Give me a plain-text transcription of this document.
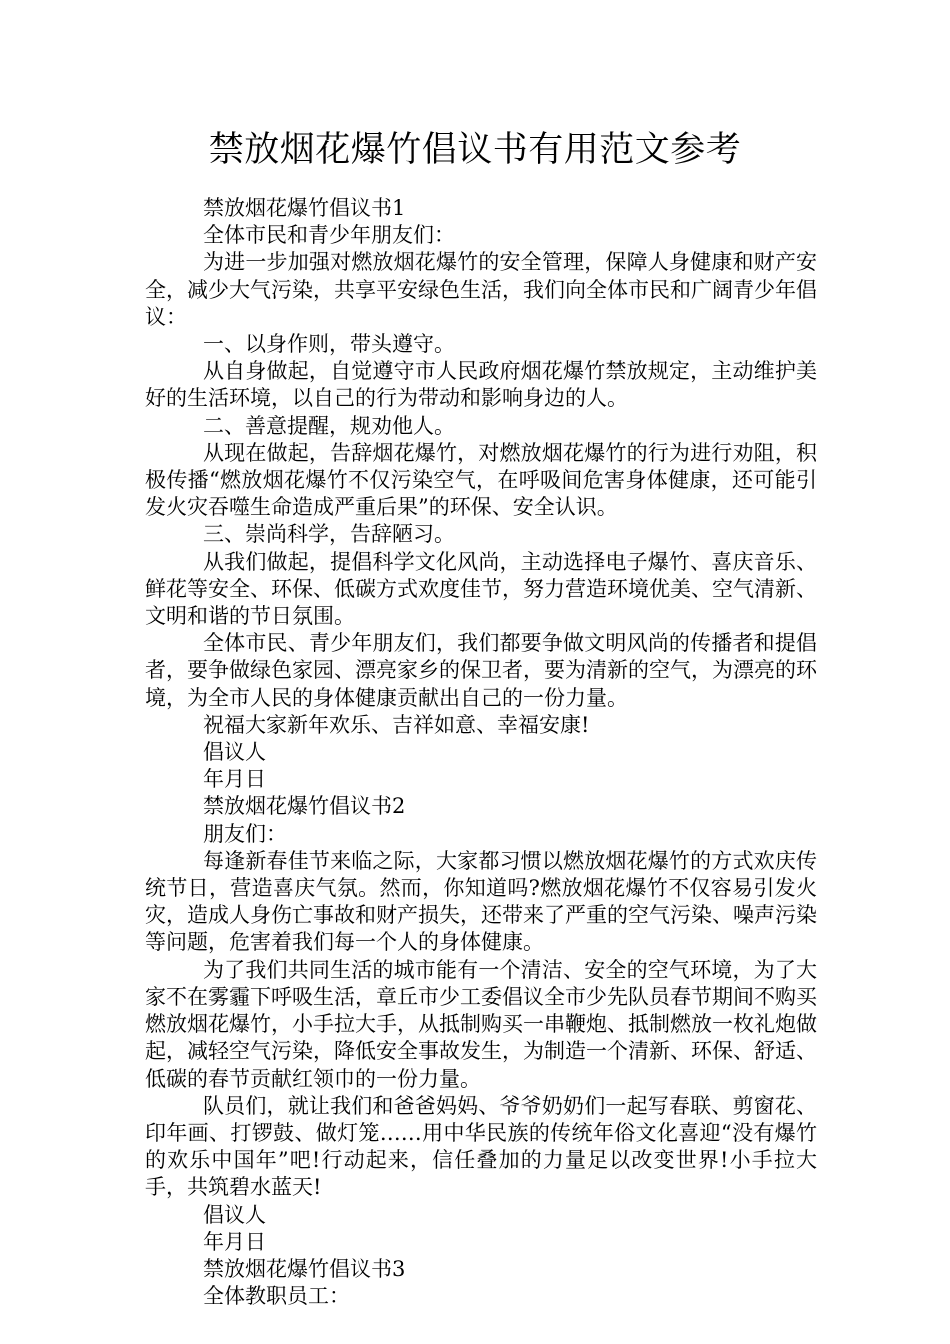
禁放烟花爆竹倡议书有用范文参考

禁放烟花爆竹倡议书1

全体市民和青少年朋友们：

为进一步加强对燃放烟花爆竹的安全管理，保障人身健康和财产安全，减少大气污染，共享平安绿色生活，我们向全体市民和广阔青少年倡议：

一、以身作则，带头遵守。

从自身做起，自觉遵守市人民政府烟花爆竹禁放规定，主动维护美好的生活环境，以自己的行为带动和影响身边的人。

二、善意提醒，规劝他人。

从现在做起，告辞烟花爆竹，对燃放烟花爆竹的行为进行劝阻，积极传播“燃放烟花爆竹不仅污染空气，在呼吸间危害身体健康，还可能引发火灾吞噬生命造成严重后果”的环保、安全认识。

三、崇尚科学，告辞陋习。

从我们做起，提倡科学文化风尚，主动选择电子爆竹、喜庆音乐、鲜花等安全、环保、低碳方式欢度佳节，努力营造环境优美、空气清新、文明和谐的节日氛围。

全体市民、青少年朋友们，我们都要争做文明风尚的传播者和提倡者，要争做绿色家园、漂亮家乡的保卫者，要为清新的空气，为漂亮的环境，为全市人民的身体健康贡献出自己的一份力量。

祝福大家新年欢乐、吉祥如意、幸福安康!

倡议人

年月日

禁放烟花爆竹倡议书2

朋友们：

每逢新春佳节来临之际，大家都习惯以燃放烟花爆竹的方式欢庆传统节日，营造喜庆气氛。然而，你知道吗?燃放烟花爆竹不仅容易引发火灾，造成人身伤亡事故和财产损失，还带来了严重的空气污染、噪声污染等问题，危害着我们每一个人的身体健康。

为了我们共同生活的城市能有一个清洁、安全的空气环境，为了大家不在雾霾下呼吸生活，章丘市少工委倡议全市少先队员春节期间不购买燃放烟花爆竹，小手拉大手，从抵制购买一串鞭炮、抵制燃放一枚礼炮做起，减轻空气污染，降低安全事故发生，为制造一个清新、环保、舒适、低碳的春节贡献红领巾的一份力量。

队员们，就让我们和爸爸妈妈、爷爷奶奶们一起写春联、剪窗花、印年画、打锣鼓、做灯笼……用中华民族的传统年俗文化喜迎“没有爆竹的欢乐中国年”吧!行动起来，信任叠加的力量足以改变世界!小手拉大手，共筑碧水蓝天!

倡议人

年月日

禁放烟花爆竹倡议书3

全体教职员工：
